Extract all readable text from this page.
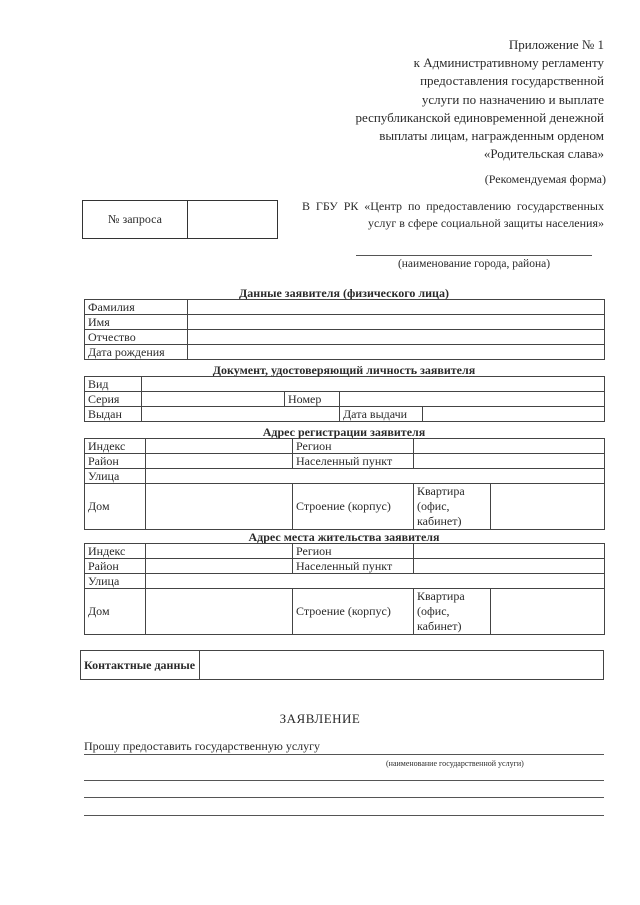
Приложение № 1
к Административному регламенту
предоставления государственной
услуги по назначению и выплате
республиканской единовременной денежной
выплаты лицам, награжденным орденом
«Родительская слава»
(Рекомендуемая форма)
№ запроса
В ГБУ РК «Центр по предоставлению государственных услуг в сфере социальной защиты населения»
(наименование города, района)
Данные заявителя (физического лица)
Фамилия	
Имя	
Отчество	
Дата рождения	
Документ, удостоверяющий личность заявителя
Вид				
Серия		Номер		
Выдан			Дата выдачи	
Адрес регистрации заявителя
Индекс		Регион		
Район		Населенный пункт		
Улица				
Дом		Строение (корпус)	Квартира (офис, кабинет)	
Адрес места жительства заявителя
Индекс		Регион		
Район		Населенный пункт		
Улица				
Дом		Строение (корпус)	Квартира (офис, кабинет)	
Контактные данные	
ЗАЯВЛЕНИЕ
Прошу предоставить государственную услугу
(наименование государственной услуги)
